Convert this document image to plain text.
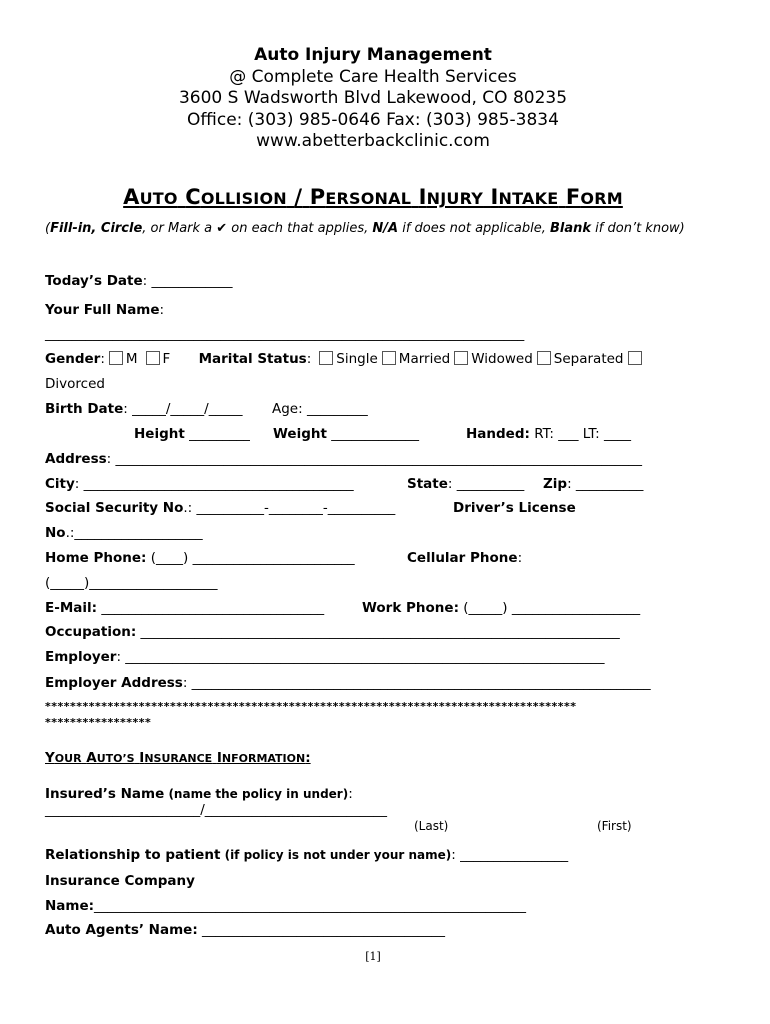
Auto Injury Management
@ Complete Care Health Services
3600 S Wadsworth Blvd Lakewood, CO 80235
Office: (303) 985-0646 Fax: (303) 985-3834
www.abetterbackclinic.com
AUTO COLLISION / PERSONAL INJURY INTAKE FORM
(Fill-in, Circle, or Mark a ✔ on each that applies, N/A if does not applicable, Blank if don’t know)
Today’s Date: ____________
Your Full Name:
_______________________________________________________________________
Gender: M F Marital Status: Single Married Widowed Separated
Divorced
Birth Date: _____/_____/_____ Age: _________
Height _________ Weight _____________	Handed: RT: ___ LT: ____
Address: ______________________________________________________________________________
City: ________________________________________	State: __________ Zip: __________
Social Security No.: __________-________-__________	Driver’s License
No.:___________________
Home Phone: (____) ________________________	Cellular Phone:
(_____)___________________
E-Mail: _________________________________	Work Phone: (_____) ___________________
Occupation: _______________________________________________________________________
Employer: _______________________________________________________________________
Employer Address: ____________________________________________________________________
*************************************************************************************
*****************
YOUR AUTO’S INSURANCE INFORMATION:
Insured’s Name (name the policy in under):
_______________________/___________________________
(Last)	(First)
Relationship to patient (if policy is not under your name): ________________
Insurance Company
Name:________________________________________________________________
Auto Agents’ Name: ____________________________________
[1]
